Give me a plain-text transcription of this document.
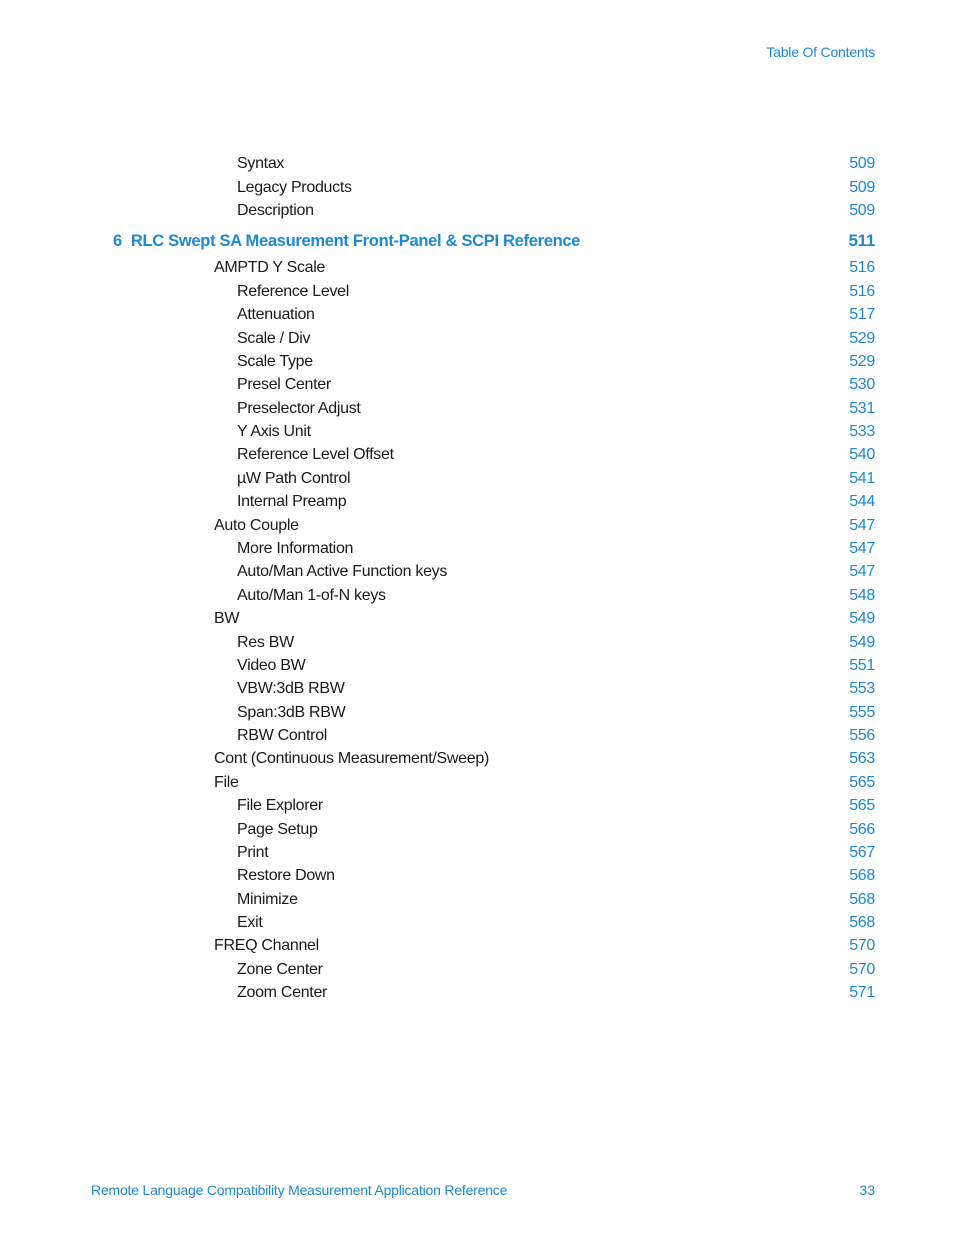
Table Of Contents
Syntax	509
Legacy Products	509
Description	509
6 RLC Swept SA Measurement Front-Panel & SCPI Reference	511
AMPTD Y Scale	516
Reference Level	516
Attenuation	517
Scale / Div	529
Scale Type	529
Presel Center	530
Preselector Adjust	531
Y Axis Unit	533
Reference Level Offset	540
µW Path Control	541
Internal Preamp	544
Auto Couple	547
More Information	547
Auto/Man Active Function keys	547
Auto/Man 1-of-N keys	548
BW	549
Res BW	549
Video BW	551
VBW:3dB RBW	553
Span:3dB RBW	555
RBW Control	556
Cont (Continuous Measurement/Sweep)	563
File	565
File Explorer	565
Page Setup	566
Print	567
Restore Down	568
Minimize	568
Exit	568
FREQ Channel	570
Zone Center	570
Zoom Center	571
Remote Language Compatibility Measurement Application Reference	33
